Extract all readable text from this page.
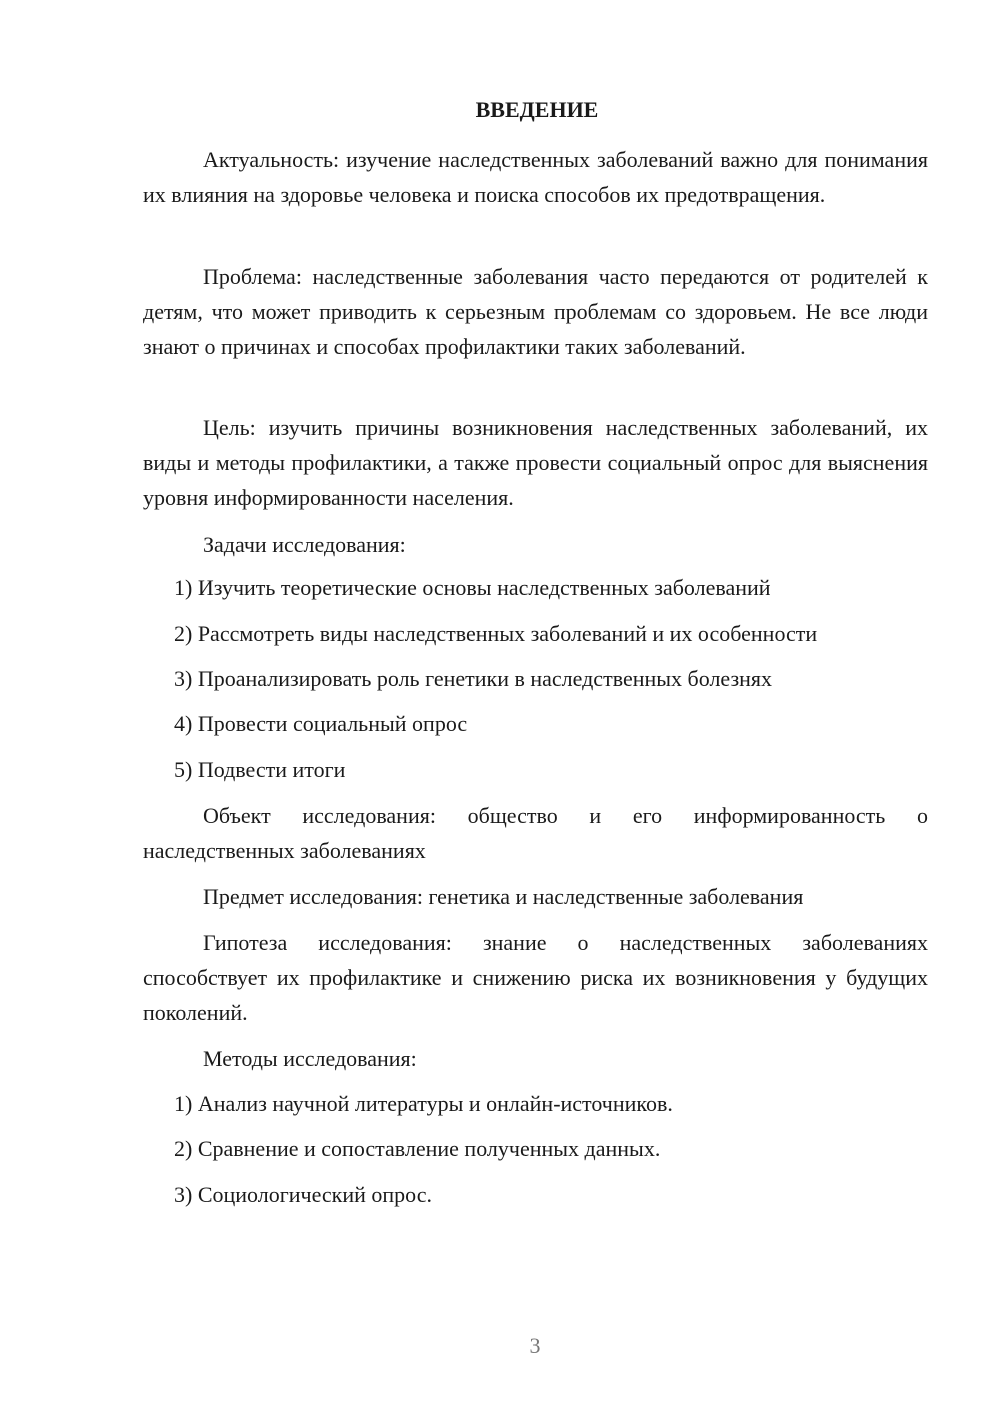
ВВЕДЕНИЕ

Актуальность: изучение наследственных заболеваний важно для понимания их влияния на здоровье человека и поиска способов их предотвращения.

Проблема: наследственные заболевания часто передаются от родителей к детям, что может приводить к серьезным проблемам со здоровьем. Не все люди знают о причинах и способах профилактики таких заболеваний.

Цель: изучить причины возникновения наследственных заболеваний, их виды и методы профилактики, а также провести социальный опрос для выяснения уровня информированности населения.

Задачи исследования:

1) Изучить теоретические основы наследственных заболеваний

2) Рассмотреть виды наследственных заболеваний и их особенности

3) Проанализировать роль генетики в наследственных болезнях

4) Провести социальный опрос

5) Подвести итоги

Объект исследования: общество и его информированность о наследственных заболеваниях

Предмет исследования: генетика и наследственные заболевания

Гипотеза исследования: знание о наследственных заболеваниях способствует их профилактике и снижению риска их возникновения у будущих поколений.

Методы исследования:

1) Анализ научной литературы и онлайн-источников.

2) Сравнение и сопоставление полученных данных.

3) Социологический опрос.

3
